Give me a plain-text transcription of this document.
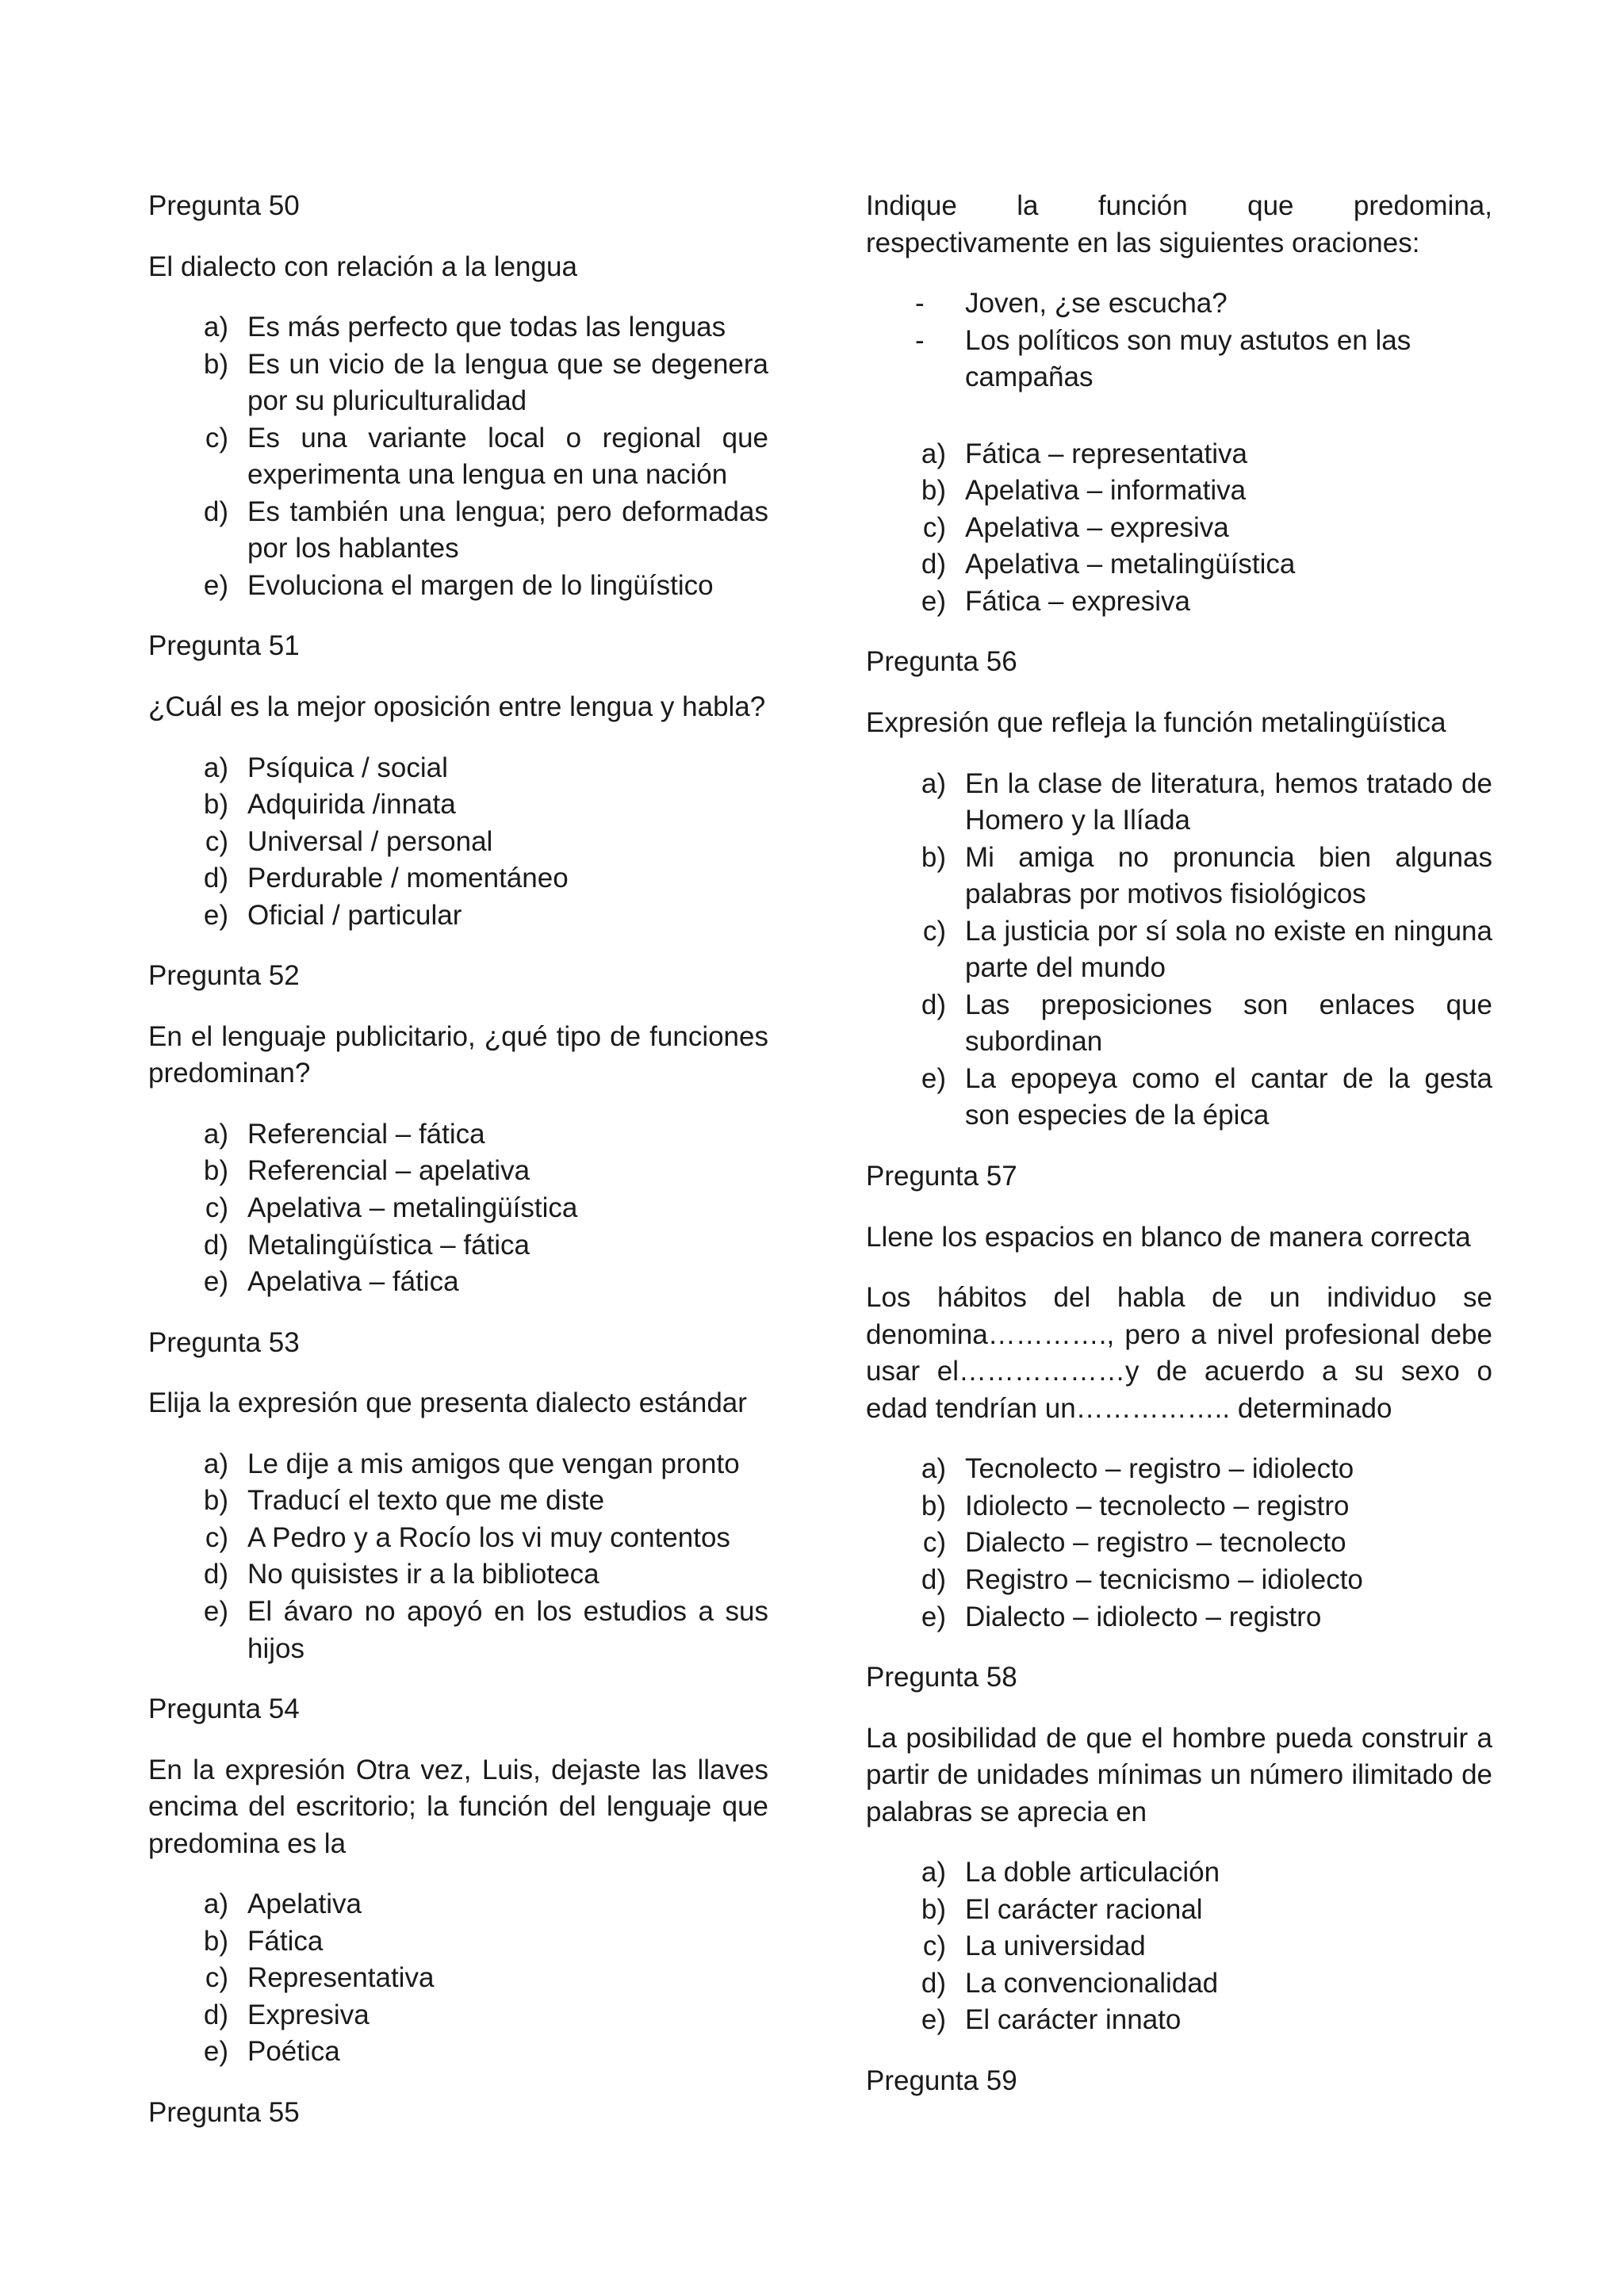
Pregunta 50

El dialecto con relación a la lengua

a) Es más perfecto que todas las lenguas
b) Es un vicio de la lengua que se degenera por su pluriculturalidad
c) Es una variante local o regional que experimenta una lengua en una nación
d) Es también una lengua; pero deformadas por los hablantes
e) Evoluciona el margen de lo lingüístico

Pregunta 51

¿Cuál es la mejor oposición entre lengua y habla?

a) Psíquica / social
b) Adquirida /innata
c) Universal / personal
d) Perdurable / momentáneo
e) Oficial / particular

Pregunta 52

En el lenguaje publicitario, ¿qué tipo de funciones predominan?

a) Referencial – fática
b) Referencial – apelativa
c) Apelativa – metalingüística
d) Metalingüística – fática
e) Apelativa – fática

Pregunta 53

Elija la expresión que presenta dialecto estándar

a) Le dije a mis amigos que vengan pronto
b) Traducí el texto que me diste
c) A Pedro y a Rocío los vi muy contentos
d) No quisistes ir a la biblioteca
e) El ávaro no apoyó en los estudios a sus hijos

Pregunta 54

En la expresión Otra vez, Luis, dejaste las llaves encima del escritorio; la función del lenguaje que predomina es la

a) Apelativa
b) Fática
c) Representativa
d) Expresiva
e) Poética

Pregunta 55

Indique la función que predomina, respectivamente en las siguientes oraciones:

-	Joven, ¿se escucha?
-	Los políticos son muy astutos en las campañas
a) Fática – representativa
b) Apelativa – informativa
c) Apelativa – expresiva
d) Apelativa – metalingüística
e) Fática – expresiva

Pregunta 56

Expresión que refleja la función metalingüística

a) En la clase de literatura, hemos tratado de Homero y la Ilíada
b) Mi amiga no pronuncia bien algunas palabras por motivos fisiológicos
c) La justicia por sí sola no existe en ninguna parte del mundo
d) Las preposiciones son enlaces que subordinan
e) La epopeya como el cantar de la gesta son especies de la épica

Pregunta 57

Llene los espacios en blanco de manera correcta

Los hábitos del habla de un individuo se denomina…………., pero a nivel profesional debe usar el………………y de acuerdo a su sexo o edad tendrían un…………….. determinado

a) Tecnolecto – registro – idiolecto
b) Idiolecto – tecnolecto – registro
c) Dialecto – registro – tecnolecto
d) Registro – tecnicismo – idiolecto
e) Dialecto – idiolecto – registro

Pregunta 58

La posibilidad de que el hombre pueda construir a partir de unidades mínimas un número ilimitado de palabras se aprecia en

a) La doble articulación
b) El carácter racional
c) La universidad
d) La convencionalidad
e) El carácter innato

Pregunta 59
